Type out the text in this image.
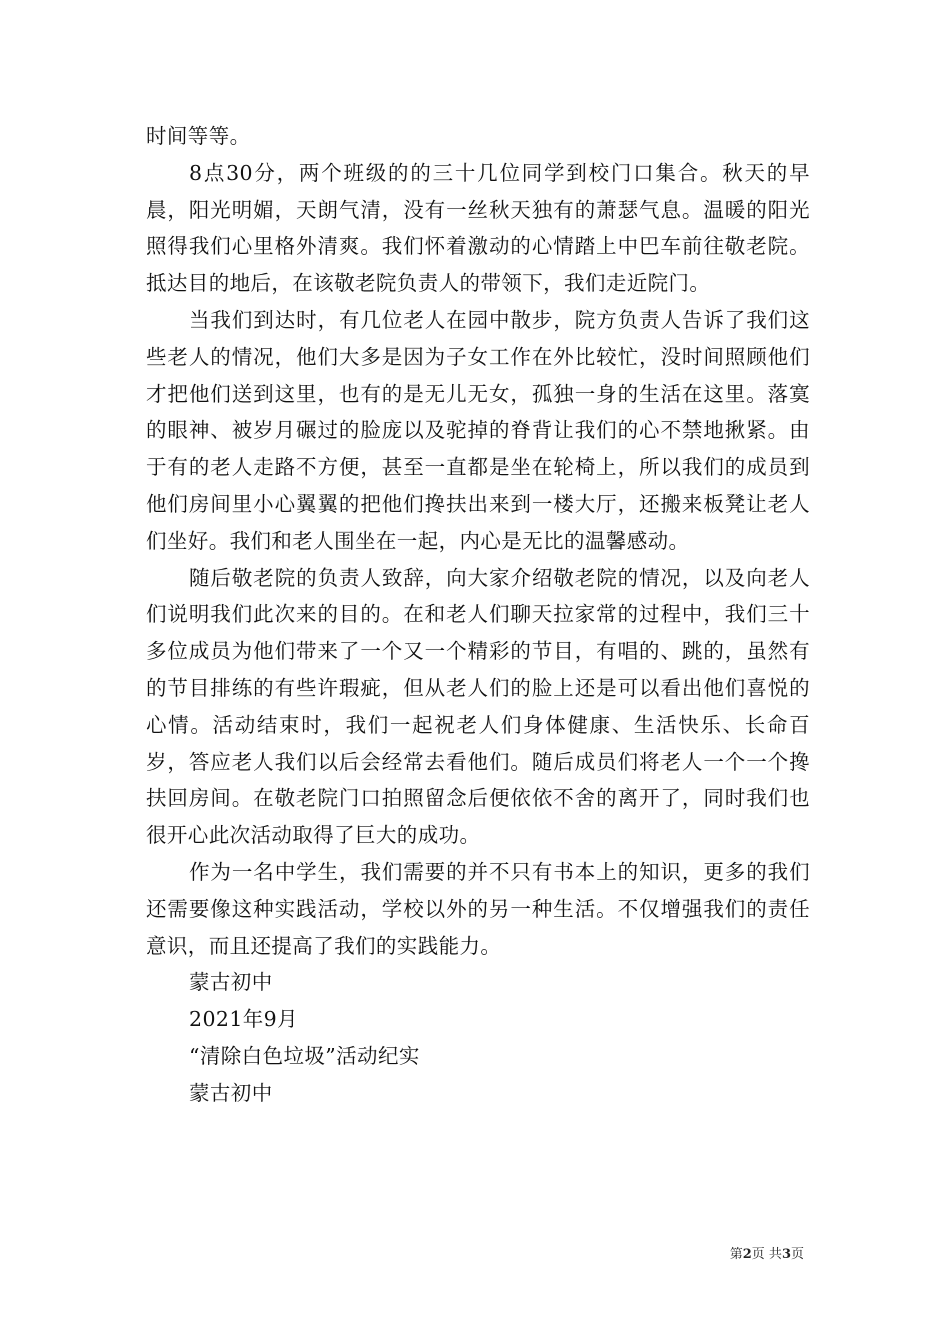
时间等等。

8点30分，两个班级的的三十几位同学到校门口集合。秋天的早晨，阳光明媚，天朗气清，没有一丝秋天独有的萧瑟气息。温暖的阳光照得我们心里格外清爽。我们怀着激动的心情踏上中巴车前往敬老院。抵达目的地后，在该敬老院负责人的带领下，我们走近院门。

当我们到达时，有几位老人在园中散步，院方负责人告诉了我们这些老人的情况，他们大多是因为子女工作在外比较忙，没时间照顾他们才把他们送到这里，也有的是无儿无女，孤独一身的生活在这里。落寞的眼神、被岁月碾过的脸庞以及驼掉的脊背让我们的心不禁地揪紧。由于有的老人走路不方便，甚至一直都是坐在轮椅上，所以我们的成员到他们房间里小心翼翼的把他们搀扶出来到一楼大厅，还搬来板凳让老人们坐好。我们和老人围坐在一起，内心是无比的温馨感动。

随后敬老院的负责人致辞，向大家介绍敬老院的情况，以及向老人们说明我们此次来的目的。在和老人们聊天拉家常的过程中，我们三十多位成员为他们带来了一个又一个精彩的节目，有唱的、跳的，虽然有的节目排练的有些许瑕疵，但从老人们的脸上还是可以看出他们喜悦的心情。活动结束时，我们一起祝老人们身体健康、生活快乐、长命百岁，答应老人我们以后会经常去看他们。随后成员们将老人一个一个搀扶回房间。在敬老院门口拍照留念后便依依不舍的离开了，同时我们也很开心此次活动取得了巨大的成功。

作为一名中学生，我们需要的并不只有书本上的知识，更多的我们还需要像这种实践活动，学校以外的另一种生活。不仅增强我们的责任意识，而且还提高了我们的实践能力。

蒙古初中

2021年9月

“清除白色垃圾”活动纪实

蒙古初中

第2页 共3页
